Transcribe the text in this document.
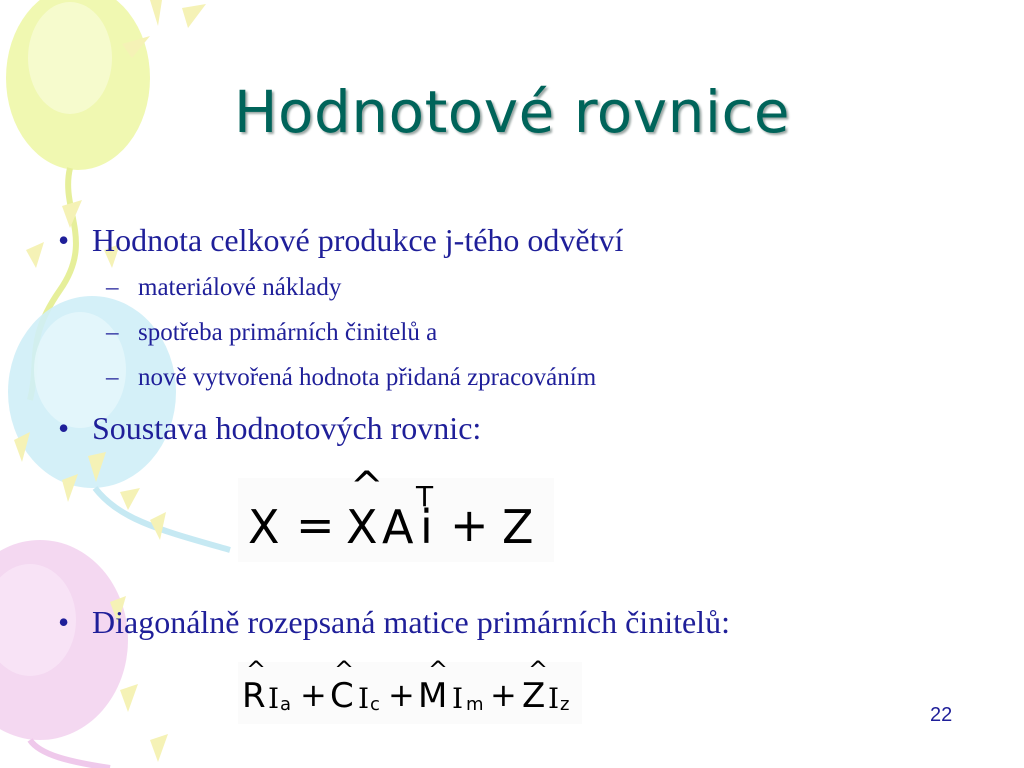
Hodnotové rovnice
• Hodnota celkové produkce j-tého odvětví
– materiálové náklady
– spotřeba primárních činitelů a
– nově vytvořená hodnota přidaná zpracováním
• Soustava hodnotových rovnic:
X =
^
X A
T
i + Z
• Diagonálně rozepsaná matice primárních činitelů:
^
R I a +
^
C I c +
^
M I m +
^
Z I z	22
